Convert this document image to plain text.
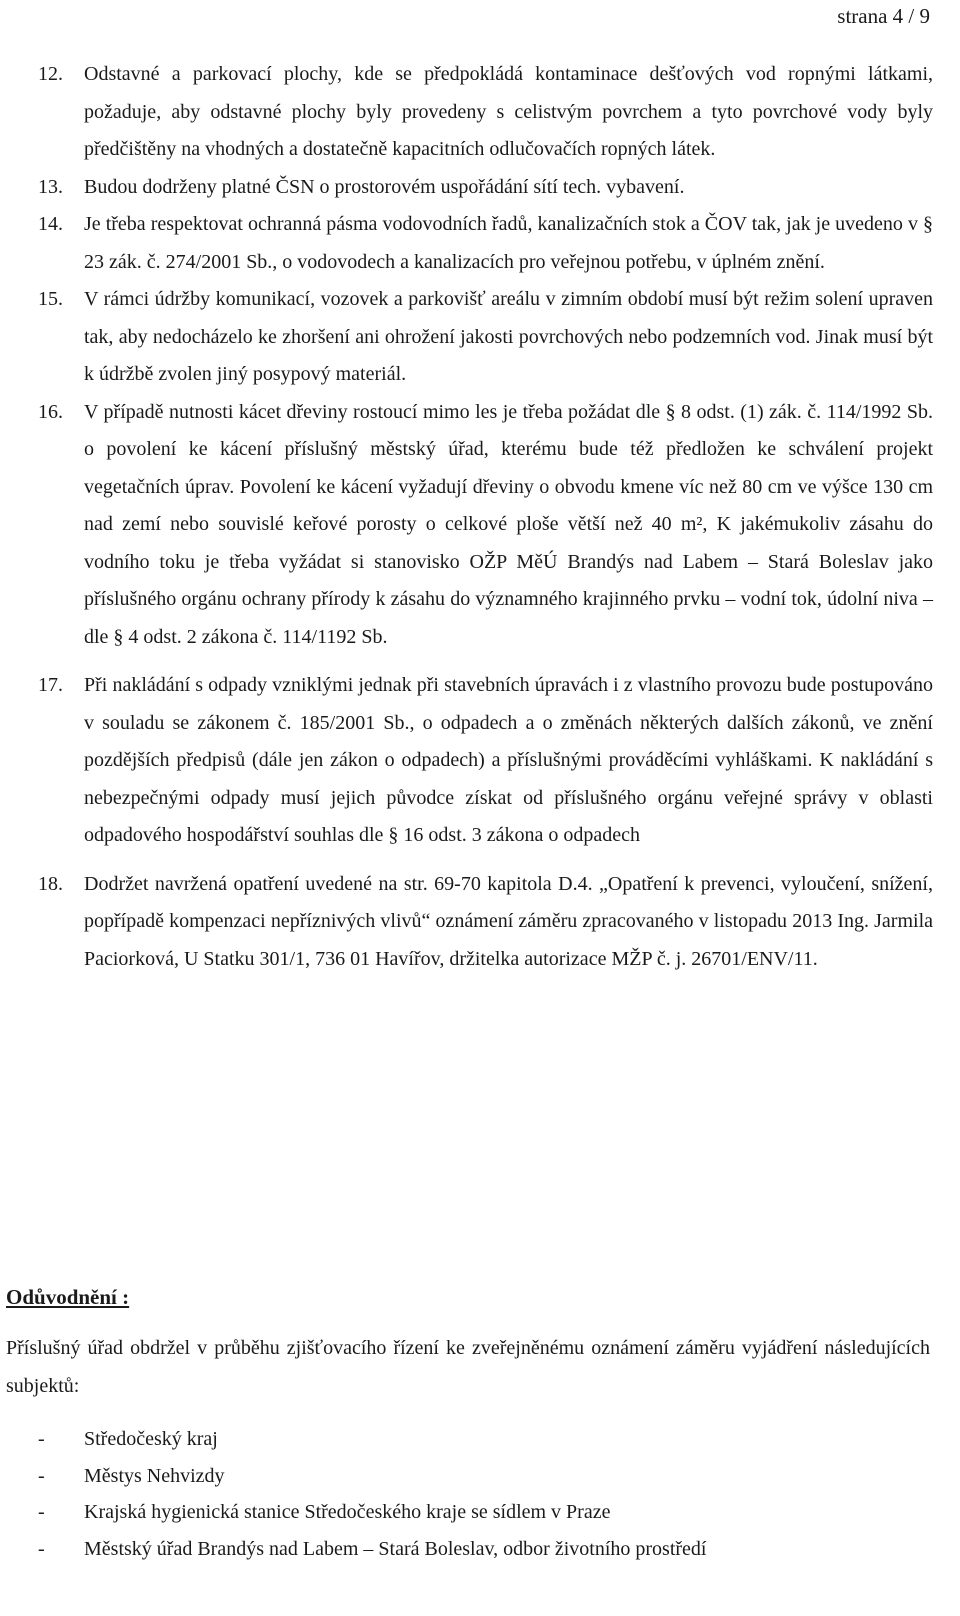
strana 4 / 9
12.	Odstavné a parkovací plochy, kde se předpokládá kontaminace dešťových vod ropnými látkami, požaduje, aby odstavné plochy byly provedeny s celistvým povrchem a tyto povrchové vody byly předčištěny na vhodných a dostatečně kapacitních odlučovačích ropných látek.
13.	Budou dodrženy platné ČSN o prostorovém uspořádání sítí tech. vybavení.
14.	Je třeba respektovat ochranná pásma vodovodních řadů, kanalizačních stok a ČOV tak, jak je uvedeno v § 23 zák. č. 274/2001 Sb., o vodovodech a kanalizacích pro veřejnou potřebu, v úplném znění.
15.	V rámci údržby komunikací, vozovek a parkovišť areálu v zimním období musí být režim solení upraven tak, aby nedocházelo ke zhoršení ani ohrožení jakosti povrchových nebo podzemních vod. Jinak musí být k údržbě zvolen jiný posypový materiál.
16.	V případě nutnosti kácet dřeviny rostoucí mimo les je třeba požádat dle § 8 odst. (1) zák. č. 114/1992 Sb. o povolení ke kácení příslušný městský úřad, kterému bude též předložen ke schválení projekt vegetačních úprav. Povolení ke kácení vyžadují dřeviny o obvodu kmene víc než 80 cm ve výšce 130 cm nad zemí nebo souvislé keřové porosty o celkové ploše větší než 40 m², K jakémukoliv zásahu do vodního toku je třeba vyžádat si stanovisko OŽP MěÚ Brandýs nad Labem – Stará Boleslav jako příslušného orgánu ochrany přírody k zásahu do významného krajinného prvku – vodní tok, údolní niva – dle § 4 odst. 2 zákona č. 114/1192 Sb.
17.	Při nakládání s odpady vzniklými jednak při stavebních úpravách i z vlastního provozu bude postupováno v souladu se zákonem č. 185/2001 Sb., o odpadech a o změnách některých dalších zákonů, ve znění pozdějších předpisů (dále jen zákon o odpadech) a příslušnými prováděcími vyhláškami. K nakládání s nebezpečnými odpady musí jejich původce získat od příslušného orgánu veřejné správy v oblasti odpadového hospodářství souhlas dle § 16 odst. 3 zákona o odpadech
18.	Dodržet navržená opatření uvedené na str. 69-70 kapitola D.4. „Opatření k prevenci, vyloučení, snížení, popřípadě kompenzaci nepříznivých vlivů“ oznámení záměru zpracovaného v listopadu 2013 Ing. Jarmila Paciorková, U Statku 301/1, 736 01 Havířov, držitelka autorizace MŽP č. j. 26701/ENV/11.
Odůvodnění :
Příslušný úřad obdržel v průběhu zjišťovacího řízení ke zveřejněnému oznámení záměru vyjádření následujících subjektů:
-	Středočeský kraj
-	Městys Nehvizdy
-	Krajská hygienická stanice Středočeského kraje se sídlem v Praze
-	Městský úřad Brandýs nad Labem – Stará Boleslav, odbor životního prostředí
